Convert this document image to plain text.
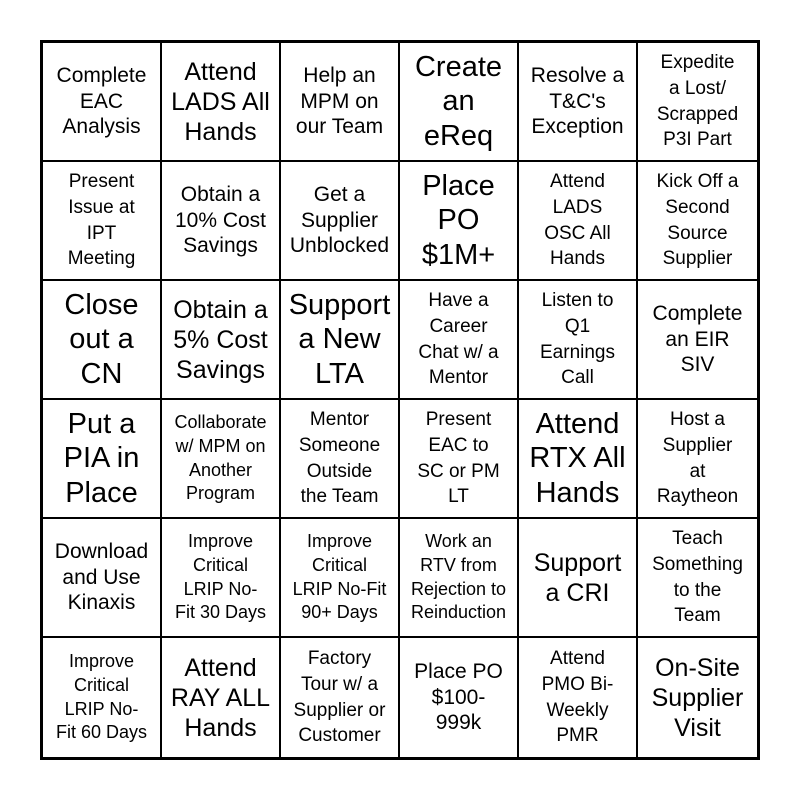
Complete
EAC
Analysis
Attend
LADS All
Hands
Help an
MPM on
our Team
Create
an
eReq
Resolve a
T&C's
Exception
Expedite
a Lost/
Scrapped
P3I Part
Present
Issue at
IPT
Meeting
Obtain a
10% Cost
Savings
Get a
Supplier
Unblocked
Place
PO
$1M+
Attend
LADS
OSC All
Hands
Kick Off a
Second
Source
Supplier
Close
out a
CN
Obtain a
5% Cost
Savings
Support
a New
LTA
Have a
Career
Chat w/ a
Mentor
Listen to
Q1
Earnings
Call
Complete
an EIR
SIV
Put a
PIA in
Place
Collaborate
w/ MPM on
Another
Program
Mentor
Someone
Outside
the Team
Present
EAC to
SC or PM
LT
Attend
RTX All
Hands
Host a
Supplier
at
Raytheon
Download
and Use
Kinaxis
Improve
Critical
LRIP No-
Fit 30 Days
Improve
Critical
LRIP No-Fit
90+ Days
Work an
RTV from
Rejection to
Reinduction
Support
a CRI
Teach
Something
to the
Team
Improve
Critical
LRIP No-
Fit 60 Days
Attend
RAY ALL
Hands
Factory
Tour w/ a
Supplier or
Customer
Place PO
$100-
999k
Attend
PMO Bi-
Weekly
PMR
On-Site
Supplier
Visit
